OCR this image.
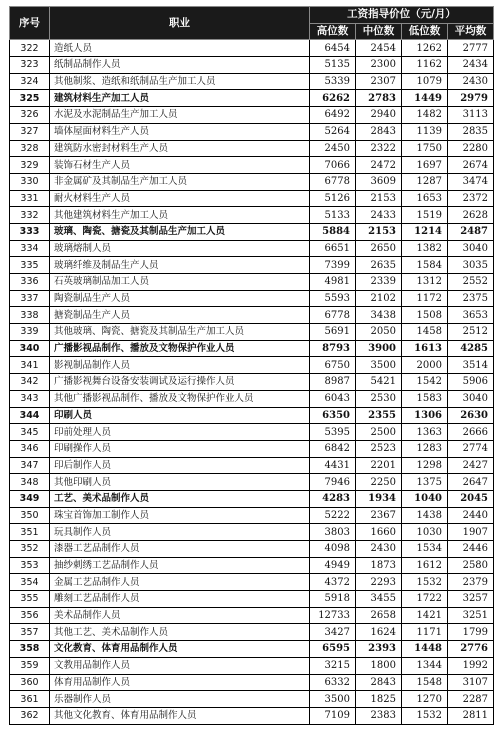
序号	职业	工资指导价位（元/月）			
		高位数	中位数	低位数	平均数
322	造纸人员	6454	2454	1262	2777
323	纸制品制作人员	5135	2300	1162	2434
324	其他制浆、造纸和纸制品生产加工人员	5339	2307	1079	2430
325	建筑材料生产加工人员	6262	2783	1449	2979
326	水泥及水泥制品生产加工人员	6492	2940	1482	3113
327	墙体屋面材料生产人员	5264	2843	1139	2835
328	建筑防水密封材料生产人员	2450	2322	1750	2280
329	装饰石材生产人员	7066	2472	1697	2674
330	非金属矿及其制品生产加工人员	6778	3609	1287	3474
331	耐火材料生产人员	5126	2153	1653	2372
332	其他建筑材料生产加工人员	5133	2433	1519	2628
333	玻璃、陶瓷、搪瓷及其制品生产加工人员	5884	2153	1214	2487
334	玻璃熔制人员	6651	2650	1382	3040
335	玻璃纤维及制品生产人员	7399	2635	1584	3035
336	石英玻璃制品加工人员	4981	2339	1312	2552
337	陶瓷制品生产人员	5593	2102	1172	2375
338	搪瓷制品生产人员	6778	3438	1508	3653
339	其他玻璃、陶瓷、搪瓷及其制品生产加工人员	5691	2050	1458	2512
340	广播影视品制作、播放及文物保护作业人员	8793	3900	1613	4285
341	影视制品制作人员	6750	3500	2000	3514
342	广播影视舞台设备安装调试及运行操作人员	8987	5421	1542	5906
343	其他广播影视品制作、播放及文物保护作业人员	6043	2530	1583	3040
344	印刷人员	6350	2355	1306	2630
345	印前处理人员	5395	2500	1363	2666
346	印刷操作人员	6842	2523	1283	2774
347	印后制作人员	4431	2201	1298	2427
348	其他印刷人员	7946	2250	1375	2647
349	工艺、美术品制作人员	4283	1934	1040	2045
350	珠宝首饰加工制作人员	5222	2367	1438	2440
351	玩具制作人员	3803	1660	1030	1907
352	漆器工艺品制作人员	4098	2430	1534	2446
353	抽纱刺绣工艺品制作人员	4949	1873	1612	2580
354	金属工艺品制作人员	4372	2293	1532	2379
355	雕刻工艺品制作人员	5918	3455	1722	3257
356	美术品制作人员	12733	2658	1421	3251
357	其他工艺、美术品制作人员	3427	1624	1171	1799
358	文化教育、体育用品制作人员	6595	2393	1448	2776
359	文教用品制作人员	3215	1800	1344	1992
360	体育用品制作人员	6332	2843	1548	3107
361	乐器制作人员	3500	1825	1270	2287
362	其他文化教育、体育用品制作人员	7109	2383	1532	2811
